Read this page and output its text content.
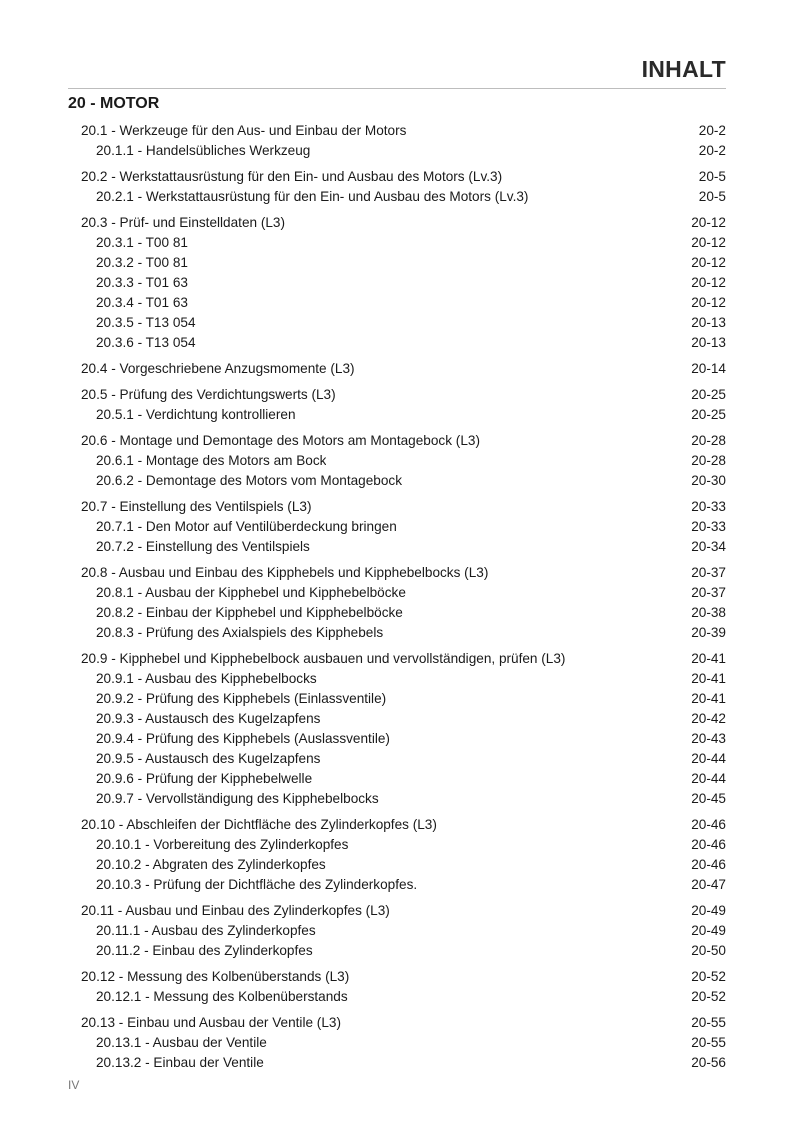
INHALT
20 - MOTOR
20.1 - Werkzeuge für den Aus- und Einbau der Motors	20-2
20.1.1 - Handelsübliches Werkzeug	20-2
20.2 - Werkstattausrüstung für den Ein- und Ausbau des Motors (Lv.3)	20-5
20.2.1 - Werkstattausrüstung für den Ein- und Ausbau des Motors (Lv.3)	20-5
20.3 - Prüf- und Einstelldaten (L3)	20-12
20.3.1 - T00 81	20-12
20.3.2 - T00 81	20-12
20.3.3 - T01 63	20-12
20.3.4 - T01 63	20-12
20.3.5 - T13 054	20-13
20.3.6 - T13 054	20-13
20.4 - Vorgeschriebene Anzugsmomente (L3)	20-14
20.5 - Prüfung des Verdichtungswerts (L3)	20-25
20.5.1 - Verdichtung kontrollieren	20-25
20.6 - Montage und Demontage des Motors am Montagebock (L3)	20-28
20.6.1 - Montage des Motors am Bock	20-28
20.6.2 - Demontage des Motors vom Montagebock	20-30
20.7 - Einstellung des Ventilspiels (L3)	20-33
20.7.1 - Den Motor auf Ventilüberdeckung bringen	20-33
20.7.2 - Einstellung des Ventilspiels	20-34
20.8 - Ausbau und Einbau des Kipphebels und Kipphebelbocks (L3)	20-37
20.8.1 - Ausbau der Kipphebel und Kipphebelböcke	20-37
20.8.2 - Einbau der Kipphebel und Kipphebelböcke	20-38
20.8.3 - Prüfung des Axialspiels des Kipphebels	20-39
20.9 - Kipphebel und Kipphebelbock ausbauen und vervollständigen, prüfen (L3)	20-41
20.9.1 - Ausbau des Kipphebelbocks	20-41
20.9.2 - Prüfung des Kipphebels (Einlassventile)	20-41
20.9.3 - Austausch des Kugelzapfens	20-42
20.9.4 - Prüfung des Kipphebels (Auslassventile)	20-43
20.9.5 - Austausch des Kugelzapfens	20-44
20.9.6 - Prüfung der Kipphebelwelle	20-44
20.9.7 - Vervollständigung des Kipphebelbocks	20-45
20.10 - Abschleifen der Dichtfläche des Zylinderkopfes (L3)	20-46
20.10.1 - Vorbereitung des Zylinderkopfes	20-46
20.10.2 - Abgraten des Zylinderkopfes	20-46
20.10.3 - Prüfung der Dichtfläche des Zylinderkopfes.	20-47
20.11 - Ausbau und Einbau des Zylinderkopfes (L3)	20-49
20.11.1 - Ausbau des Zylinderkopfes	20-49
20.11.2 - Einbau des Zylinderkopfes	20-50
20.12 - Messung des Kolbenüberstands (L3)	20-52
20.12.1 - Messung des Kolbenüberstands	20-52
20.13 - Einbau und Ausbau der Ventile (L3)	20-55
20.13.1 - Ausbau der Ventile	20-55
20.13.2 - Einbau der Ventile	20-56
IV
